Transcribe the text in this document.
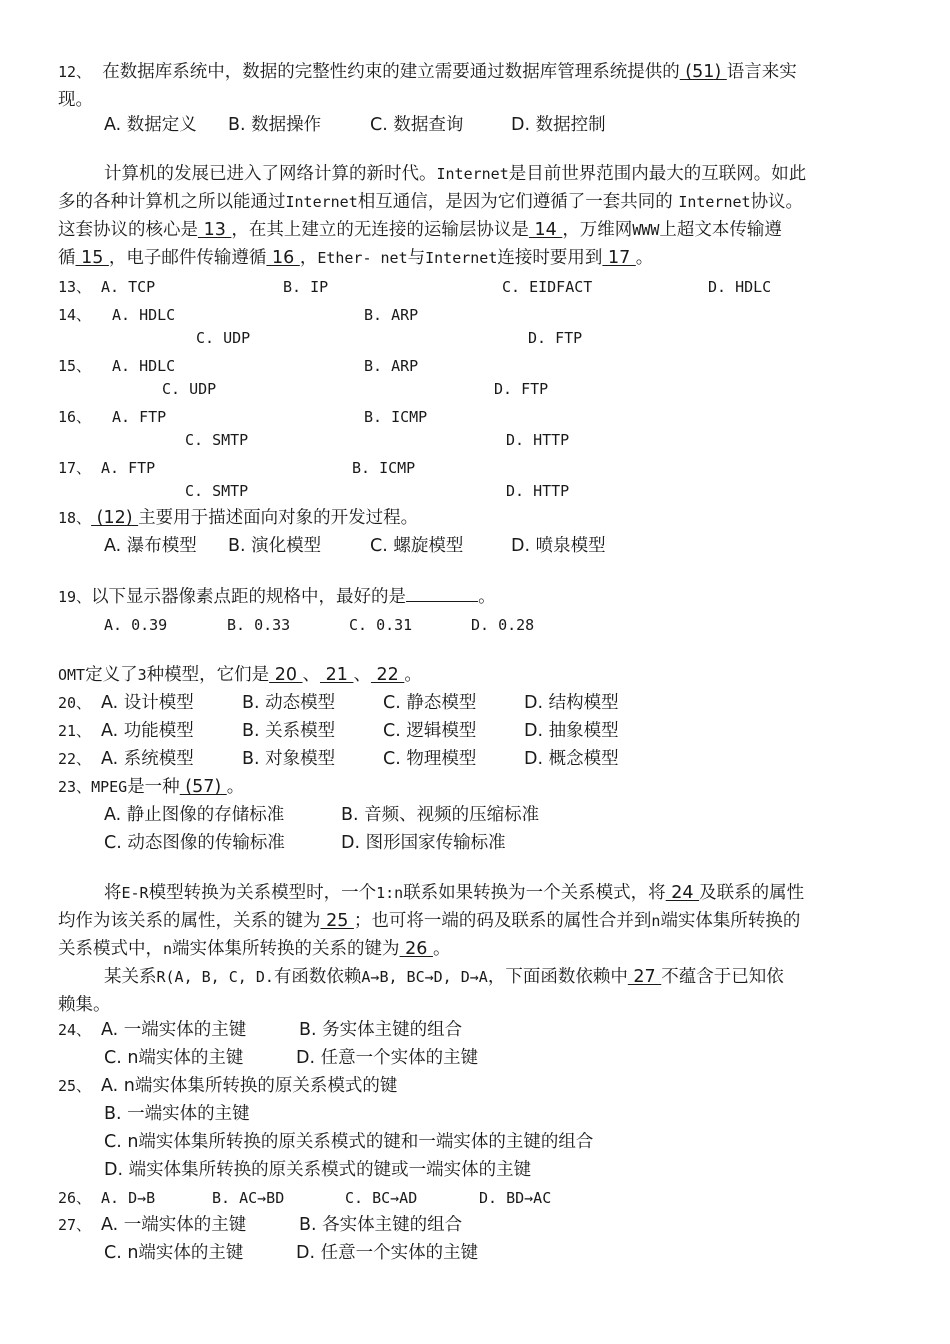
12、 在数据库系统中，数据的完整性约束的建立需要通过数据库管理系统提供的 (51) 语言来实
现。
A. 数据定义 B. 数据操作	C. 数据查询	D. 数据控制
计算机的发展已进入了网络计算的新时代。Internet是目前世界范围内最大的互联网。如此
多的各种计算机之所以能通过Internet相互通信，是因为它们遵循了一套共同的 Internet协议。
这套协议的核心是 13 ，在其上建立的无连接的运输层协议是 14 ，万维网WWW上超文本传输遵
循 15 ，电子邮件传输遵循 16 ，Ether- net与Internet连接时要用到 17 。
13、 A. TCP	B. IP	C. EIDFACT	D. HDLC
14、 A. HDLC	B. ARP
C. UDP	D. FTP
15、 A. HDLC	B. ARP
C. UDP	D. FTP
16、 A. FTP	B. ICMP
C. SMTP	D. HTTP
17、 A. FTP	B. ICMP
C. SMTP	D. HTTP
18、 (12) 主要用于描述面向对象的开发过程。
A. 瀑布模型 B. 演化模型	C. 螺旋模型	D. 喷泉模型
19、以下显示器像素点距的规格中，最好的是	。
A. 0.39	B. 0.33	C. 0.31	D. 0.28
OMT定义了3种模型，它们是 20 、 21 、 22 。
20、 A. 设计模型	B. 动态模型	C. 静态模型	D. 结构模型
21、 A. 功能模型	B. 关系模型	C. 逻辑模型	D. 抽象模型
22、 A. 系统模型	B. 对象模型	C. 物理模型	D. 概念模型
23、MPEG是一种 (57) 。
A. 静止图像的存储标准	B. 音频、视频的压缩标准
C. 动态图像的传输标准	D. 图形国家传输标准
将E-R模型转换为关系模型时，一个1:n联系如果转换为一个关系模式，将 24 及联系的属性
均作为该关系的属性，关系的键为 25 ；也可将一端的码及联系的属性合并到n端实体集所转换的
关系模式中，n端实体集所转换的关系的键为 26 。
某关系R(A, B, C, D.有函数依赖A→B, BC→D, D→A，下面函数依赖中 27 不蕴含于已知依
赖集。
24、 A. 一端实体的主键	B. 务实体主键的组合
C. n端实体的主键	D. 任意一个实体的主键
25、 A. n端实体集所转换的原关系模式的键
B. 一端实体的主键
C. n端实体集所转换的原关系模式的键和一端实体的主键的组合
D. 端实体集所转换的原关系模式的键或一端实体的主键
26、 A. D→B	B. AC→BD	C. BC→AD	D. BD→AC
27、 A. 一端实体的主键	B. 各实体主键的组合
C. n端实体的主键	D. 任意一个实体的主键
